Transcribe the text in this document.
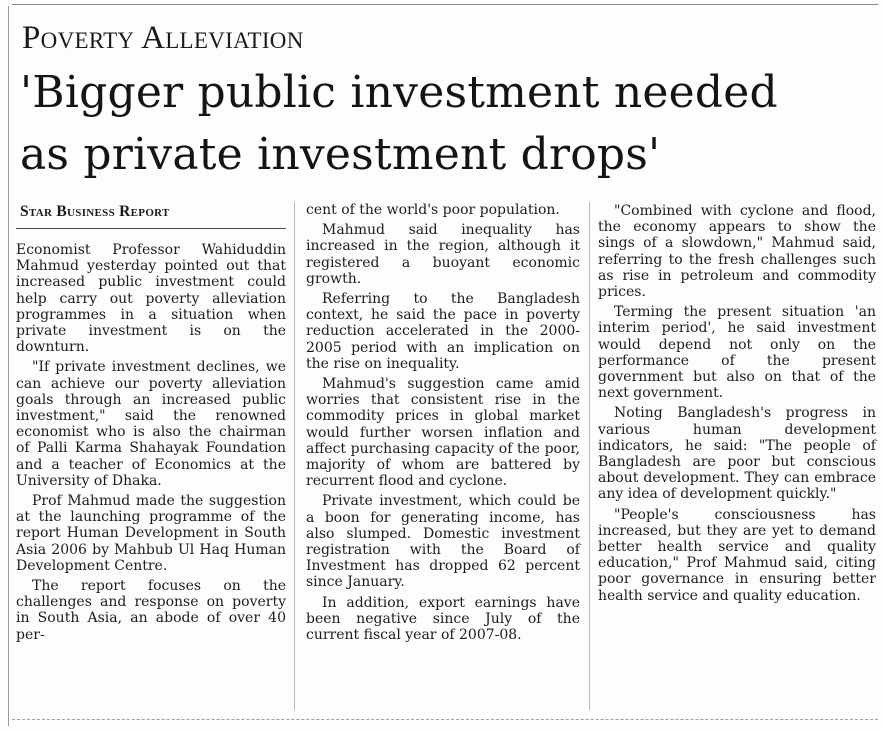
Poverty Alleviation
'Bigger public investment needed
as private investment drops'
Star Business Report

Economist Professor Wahiduddin Mahmud yesterday pointed out that increased public investment could help carry out poverty alleviation programmes in a situation when private investment is on the downturn.

"If private investment declines, we can achieve our poverty alleviation goals through an increased public investment," said the renowned economist who is also the chairman of Palli Karma Shahayak Foundation and a teacher of Economics at the University of Dhaka.

Prof Mahmud made the suggestion at the launching programme of the report Human Development in South Asia 2006 by Mahbub Ul Haq Human Development Centre.

The report focuses on the challenges and response on poverty in South Asia, an abode of over 40 per-

cent of the world's poor population.

Mahmud said inequality has increased in the region, although it registered a buoyant economic growth.

Referring to the Bangladesh context, he said the pace in poverty reduction accelerated in the 2000-2005 period with an implication on the rise on inequality.

Mahmud's suggestion came amid worries that consistent rise in the commodity prices in global market would further worsen inflation and affect purchasing capacity of the poor, majority of whom are battered by recurrent flood and cyclone.

Private investment, which could be a boon for generating income, has also slumped. Domestic investment registration with the Board of Investment has dropped 62 percent since January.

In addition, export earnings have been negative since July of the current fiscal year of 2007-08.

"Combined with cyclone and flood, the economy appears to show the sings of a slowdown," Mahmud said, referring to the fresh challenges such as rise in petroleum and commodity prices.

Terming the present situation 'an interim period', he said investment would depend not only on the performance of the present government but also on that of the next government.

Noting Bangladesh's progress in various human development indicators, he said: "The people of Bangladesh are poor but conscious about development. They can embrace any idea of development quickly."

"People's consciousness has increased, but they are yet to demand better health service and quality education," Prof Mahmud said, citing poor governance in ensuring better health service and quality education.
